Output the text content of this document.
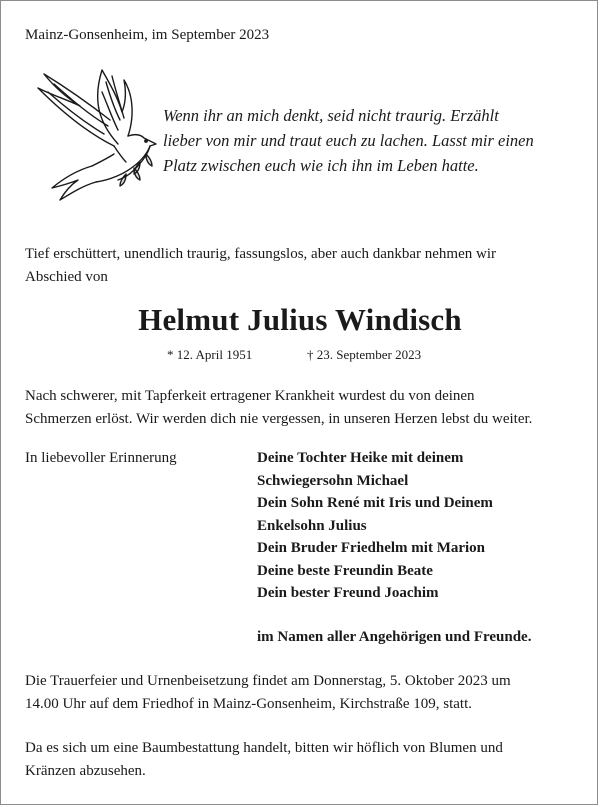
Mainz-Gonsenheim, im September 2023
Wenn ihr an mich denkt, seid nicht traurig. Erzählt
lieber von mir und traut euch zu lachen. Lasst mir einen
Platz zwischen euch wie ich ihn im Leben hatte.
Tief erschüttert, unendlich traurig, fassungslos, aber auch dankbar nehmen wir
Abschied von
Helmut Julius Windisch
* 12. April 1951	† 23. September 2023
Nach schwerer, mit Tapferkeit ertragener Krankheit wurdest du von deinen
Schmerzen erlöst. Wir werden dich nie vergessen, in unseren Herzen lebst du weiter.
In liebevoller Erinnerung	Deine Tochter Heike mit deinem
Schwiegersohn Michael
Dein Sohn René mit Iris und Deinem
Enkelsohn Julius
Dein Bruder Friedhelm mit Marion
Deine beste Freundin Beate
Dein bester Freund Joachim
im Namen aller Angehörigen und Freunde.
Die Trauerfeier und Urnenbeisetzung findet am Donnerstag, 5. Oktober 2023 um
14.00 Uhr auf dem Friedhof in Mainz-Gonsenheim, Kirchstraße 109, statt.
Da es sich um eine Baumbestattung handelt, bitten wir höflich von Blumen und
Kränzen abzusehen.
